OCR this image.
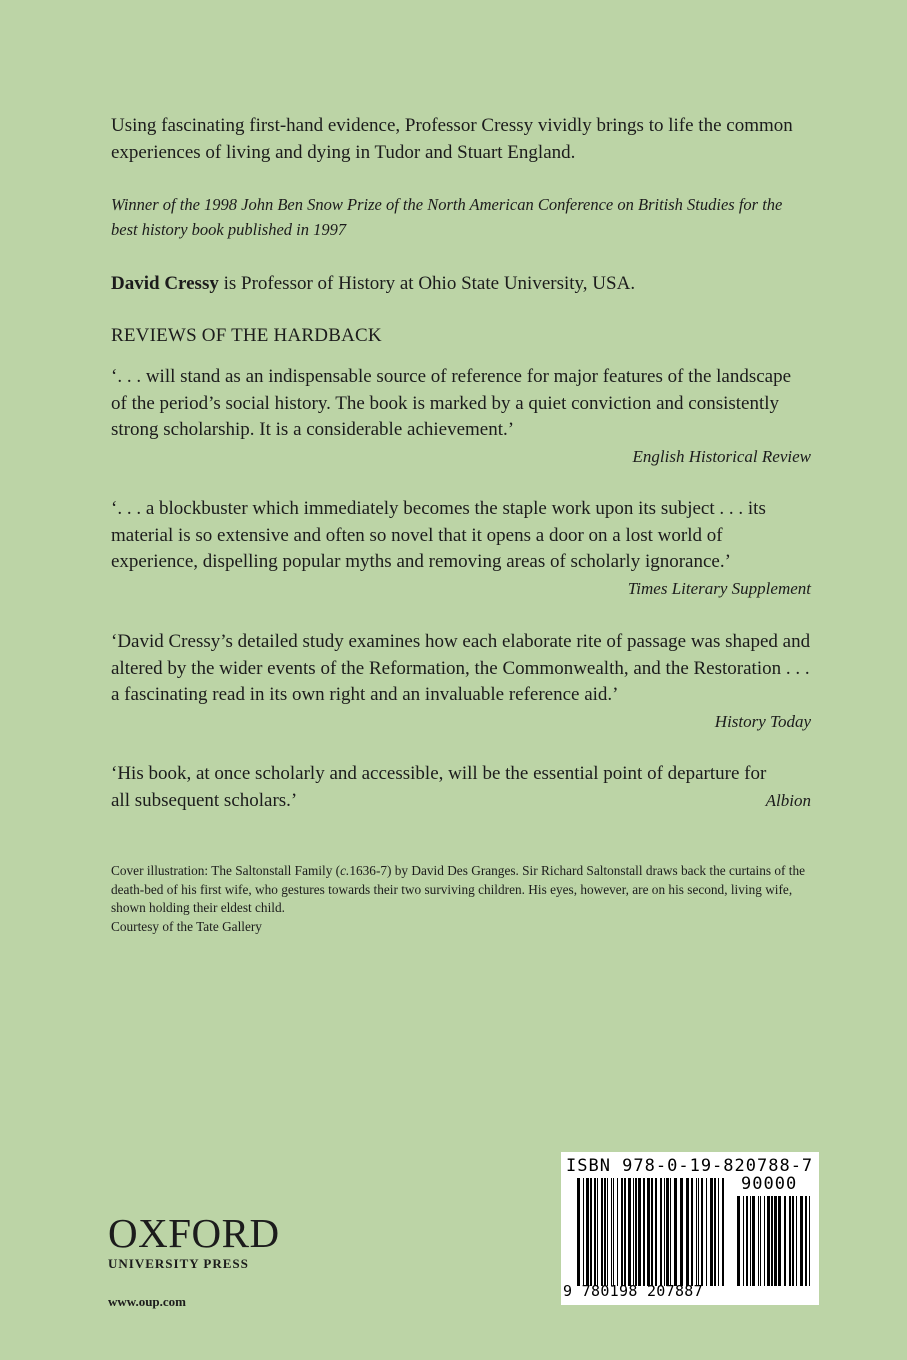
Using fascinating first-hand evidence, Professor Cressy vividly brings to life the common experiences of living and dying in Tudor and Stuart England.
Winner of the 1998 John Ben Snow Prize of the North American Conference on British Studies for the best history book published in 1997
David Cressy is Professor of History at Ohio State University, USA.
REVIEWS OF THE HARDBACK
‘. . . will stand as an indispensable source of reference for major features of the landscape of the period’s social history. The book is marked by a quiet conviction and consistently strong scholarship. It is a considerable achievement.’
English Historical Review
‘. . . a blockbuster which immediately becomes the staple work upon its subject . . . its material is so extensive and often so novel that it opens a door on a lost world of experience, dispelling popular myths and removing areas of scholarly ignorance.’
Times Literary Supplement
‘David Cressy’s detailed study examines how each elaborate rite of passage was shaped and altered by the wider events of the Reformation, the Commonwealth, and the Restoration . . . a fascinating read in its own right and an invaluable reference aid.’
History Today
‘His book, at once scholarly and accessible, will be the essential point of departure for
all subsequent scholars.’	Albion
Cover illustration: The Saltonstall Family (c.1636-7) by David Des Granges. Sir Richard Saltonstall draws back the curtains of the death-bed of his first wife, who gestures towards their two surviving children. His eyes, however, are on his second, living wife, shown holding their eldest child.
Courtesy of the Tate Gallery
OXFORD
UNIVERSITY PRESS
www.oup.com
ISBN 978-0-19-820788-7
90000
9 780198 207887
